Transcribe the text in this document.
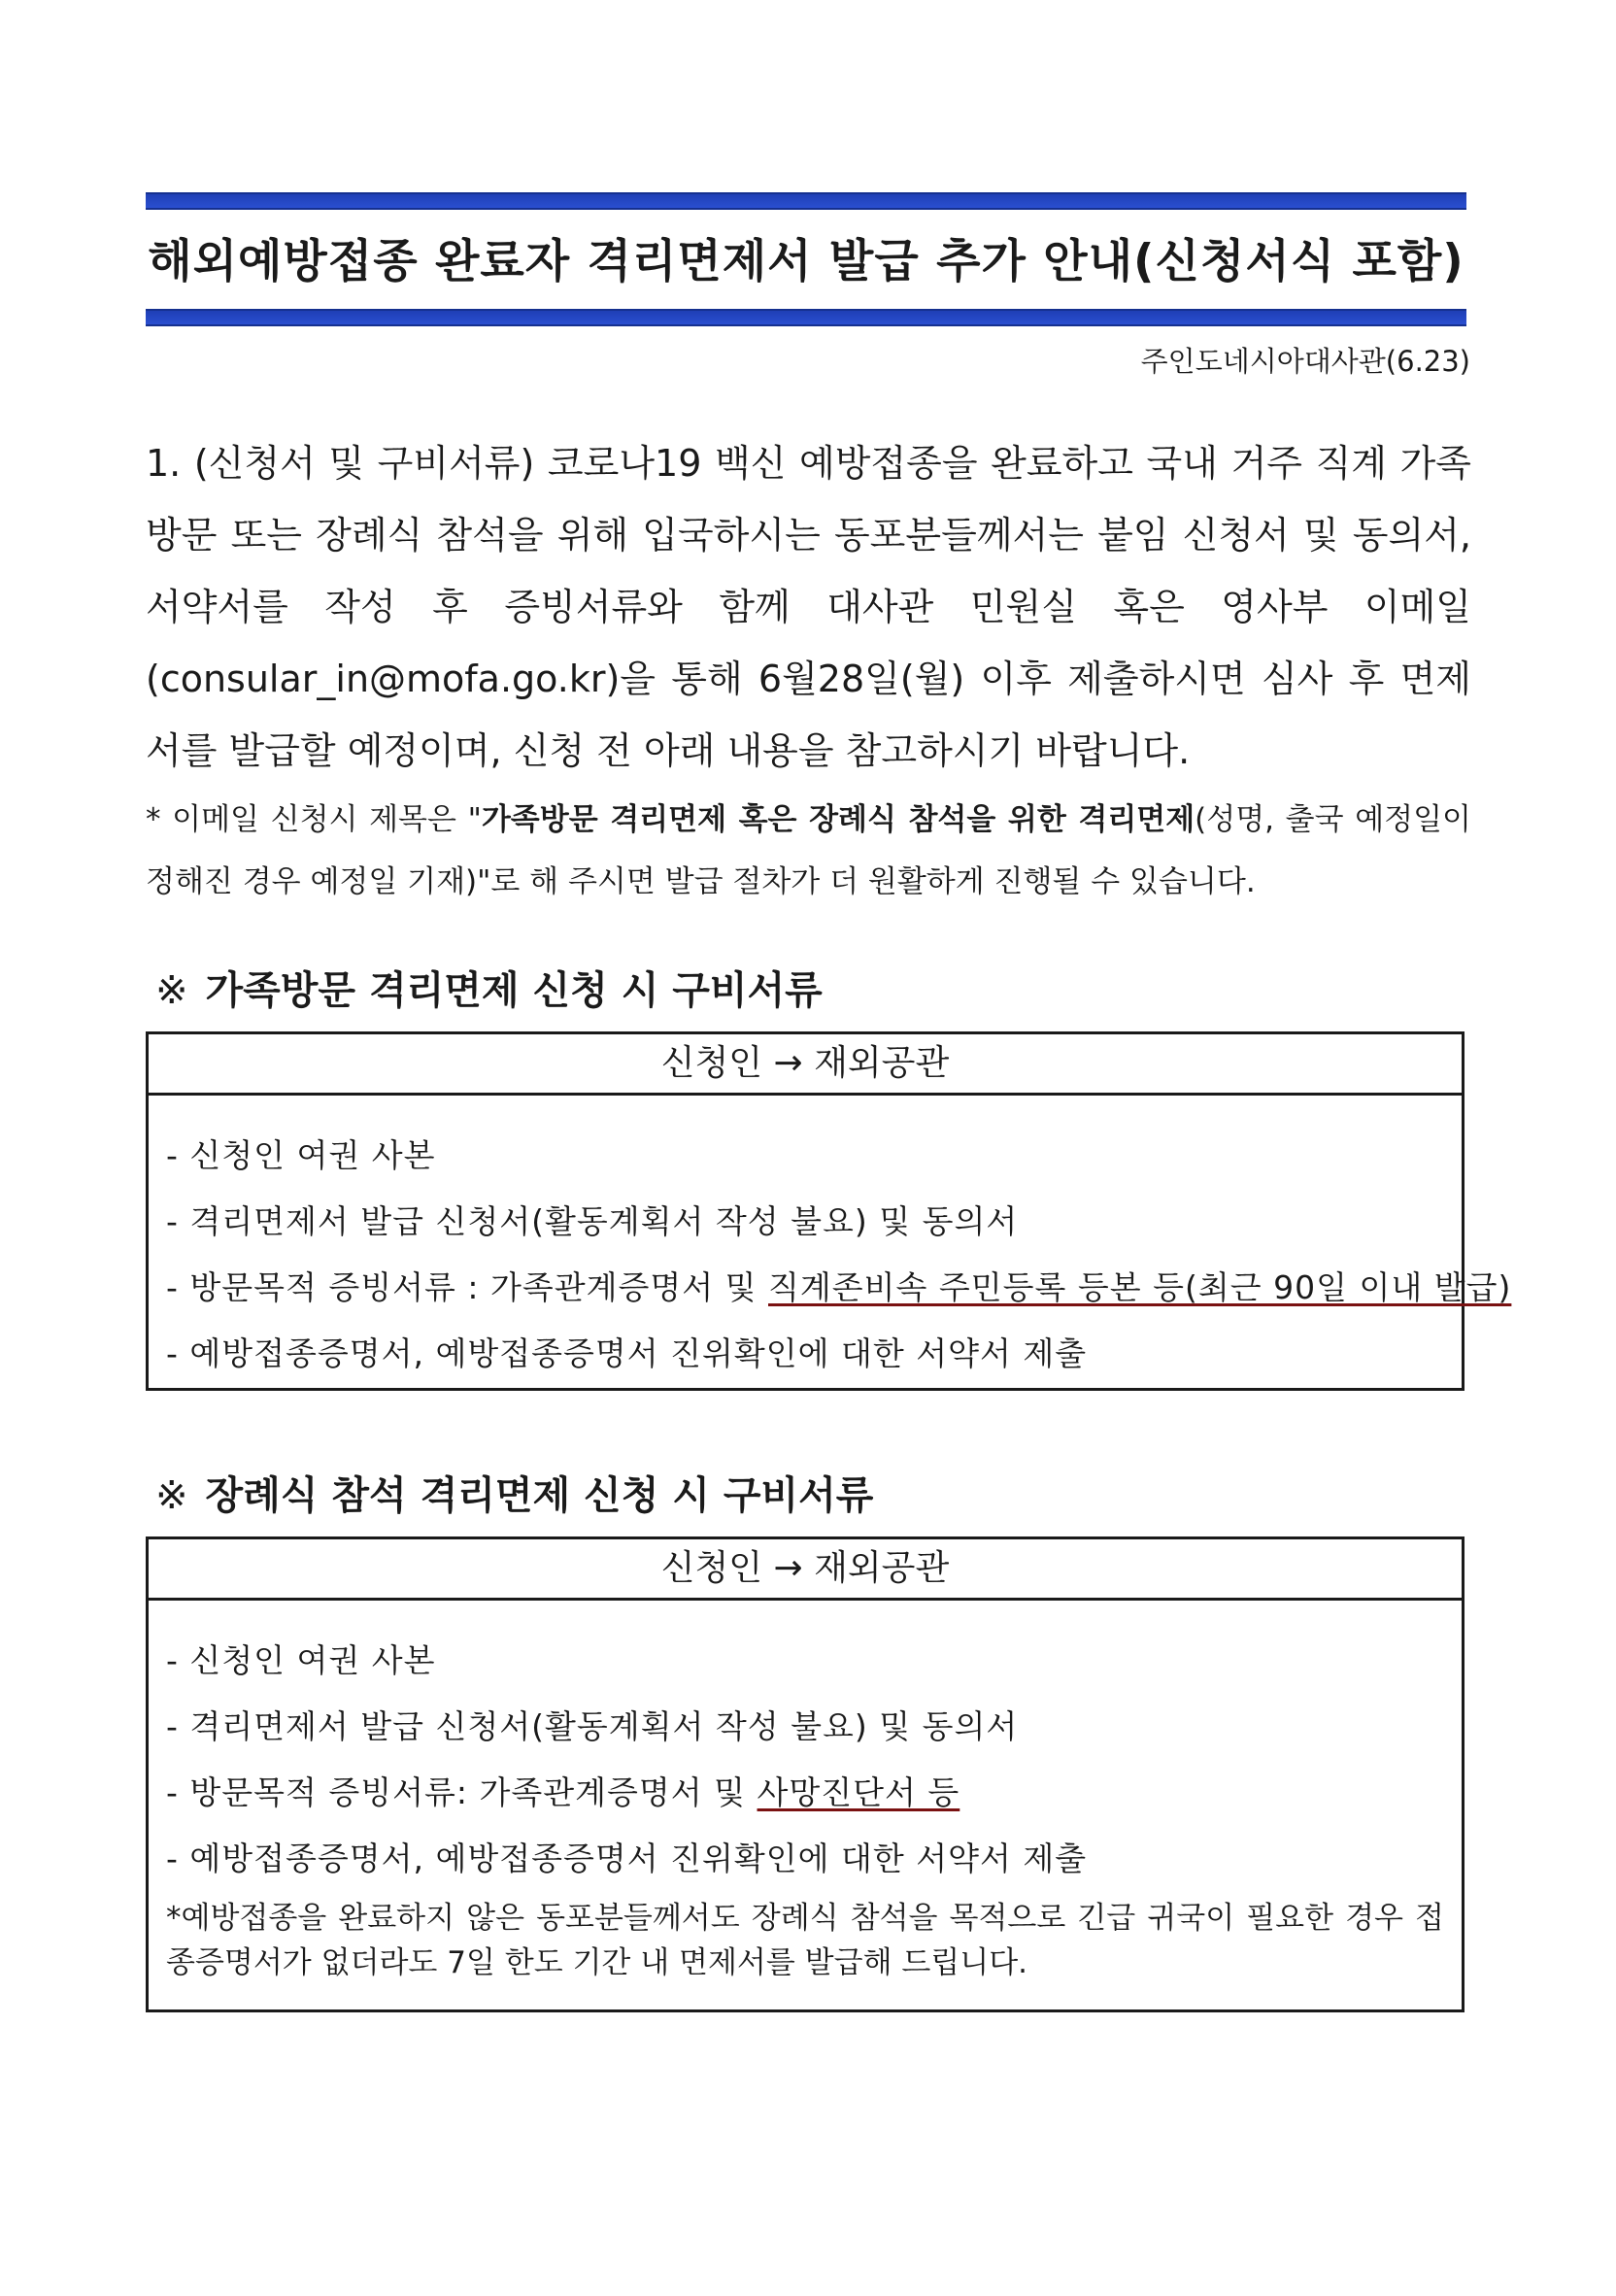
해외예방접종 완료자 격리면제서 발급 추가 안내(신청서식 포함)
주인도네시아대사관(6.23)
1. (신청서 및 구비서류) 코로나19 백신 예방접종을 완료하고 국내 거주 직계 가족 방문 또는 장례식 참석을 위해 입국하시는 동포분들께서는 붙임 신청서 및 동의서, 서약서를 작성 후 증빙서류와 함께 대사관 민원실 혹은 영사부 이메일(consular_in@mofa.go.kr)을 통해 6월28일(월) 이후 제출하시면 심사 후 면제서를 발급할 예정이며, 신청 전 아래 내용을 참고하시기 바랍니다.
* 이메일 신청시 제목은 "가족방문 격리면제 혹은 장례식 참석을 위한 격리면제(성명, 출국 예정일이 정해진 경우 예정일 기재)"로 해 주시면 발급 절차가 더 원활하게 진행될 수 있습니다.
※ 가족방문 격리면제 신청 시 구비서류
신청인 → 재외공관
- 신청인 여권 사본
- 격리면제서 발급 신청서(활동계획서 작성 불요) 및 동의서
- 방문목적 증빙서류 : 가족관계증명서 및 직계존비속 주민등록 등본 등(최근 90일 이내 발급)
- 예방접종증명서, 예방접종증명서 진위확인에 대한 서약서 제출
※ 장례식 참석 격리면제 신청 시 구비서류
신청인 → 재외공관
- 신청인 여권 사본
- 격리면제서 발급 신청서(활동계획서 작성 불요) 및 동의서
- 방문목적 증빙서류: 가족관계증명서 및 사망진단서 등
- 예방접종증명서, 예방접종증명서 진위확인에 대한 서약서 제출
*예방접종을 완료하지 않은 동포분들께서도 장례식 참석을 목적으로 긴급 귀국이 필요한 경우 접종증명서가 없더라도 7일 한도 기간 내 면제서를 발급해 드립니다.
